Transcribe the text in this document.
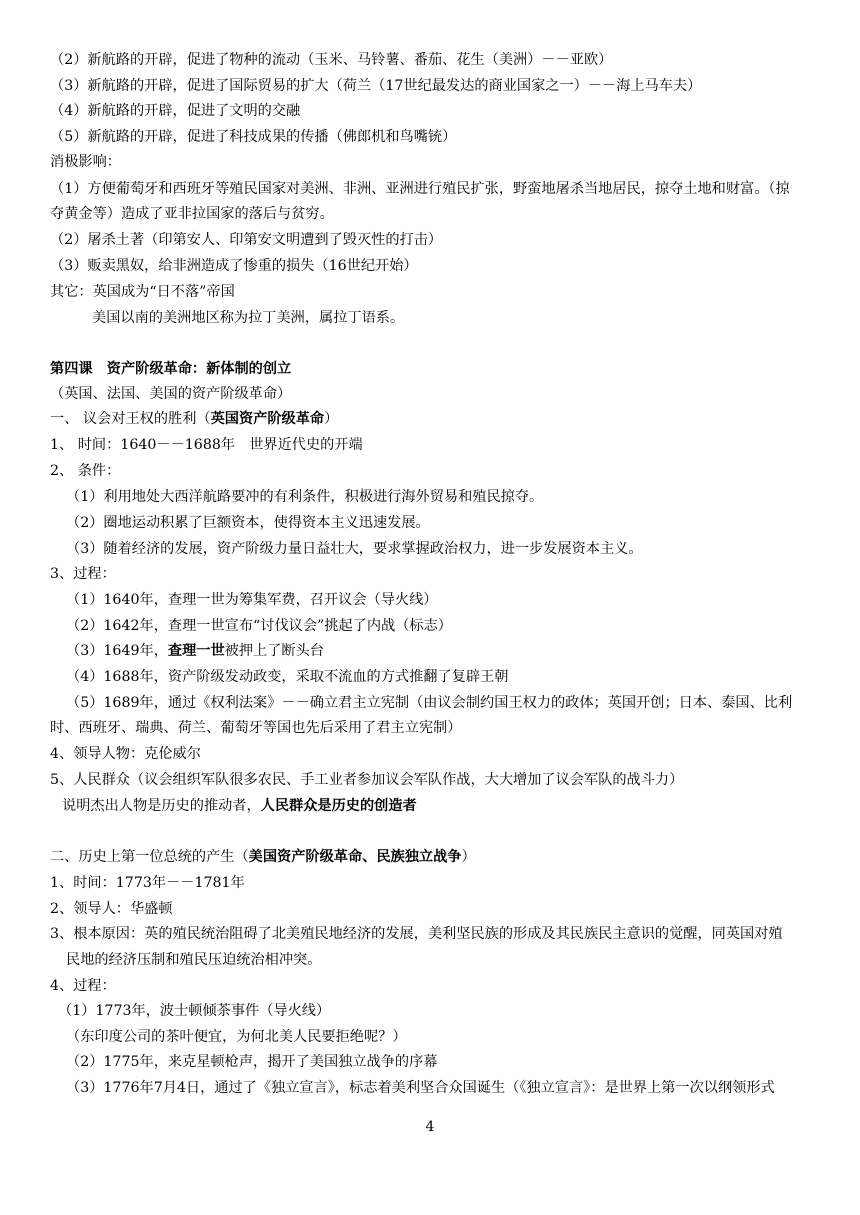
（2）新航路的开辟，促进了物种的流动（玉米、马铃薯、番茄、花生（美洲）－－亚欧）
（3）新航路的开辟，促进了国际贸易的扩大（荷兰（17世纪最发达的商业国家之一）－－海上马车夫）
（4）新航路的开辟，促进了文明的交融
（5）新航路的开辟，促进了科技成果的传播（佛郎机和鸟嘴铳）
消极影响：
（1）方便葡萄牙和西班牙等殖民国家对美洲、非洲、亚洲进行殖民扩张，野蛮地屠杀当地居民，掠夺土地和财富。（掠
夺黄金等）造成了亚非拉国家的落后与贫穷。
（2）屠杀土著（印第安人、印第安文明遭到了毁灭性的打击）
（3）贩卖黑奴，给非洲造成了惨重的损失（16世纪开始）
其它：英国成为“日不落”帝国
美国以南的美洲地区称为拉丁美洲，属拉丁语系。
第四课　资产阶级革命：新体制的创立
（英国、法国、美国的资产阶级革命）
一、 议会对王权的胜利（英国资产阶级革命）
1、 时间：1640－－1688年　世界近代史的开端
2、 条件：
（1）利用地处大西洋航路要冲的有利条件，积极进行海外贸易和殖民掠夺。
（2）圈地运动积累了巨额资本，使得资本主义迅速发展。
（3）随着经济的发展，资产阶级力量日益壮大，要求掌握政治权力，进一步发展资本主义。
3、过程：
（1）1640年，查理一世为筹集军费，召开议会（导火线）
（2）1642年，查理一世宣布“讨伐议会”挑起了内战（标志）
（3）1649年，查理一世被押上了断头台
（4）1688年，资产阶级发动政变，采取不流血的方式推翻了复辟王朝
（5）1689年，通过《权利法案》－－确立君主立宪制（由议会制约国王权力的政体；英国开创；日本、泰国、比利
时、西班牙、瑞典、荷兰、葡萄牙等国也先后采用了君主立宪制）
4、领导人物：克伦威尔
5、人民群众（议会组织军队很多农民、手工业者参加议会军队作战，大大增加了议会军队的战斗力）
说明杰出人物是历史的推动者，人民群众是历史的创造者
二、历史上第一位总统的产生（美国资产阶级革命、民族独立战争）
1、时间：1773年－－1781年
2、领导人：华盛顿
3、根本原因：英的殖民统治阻碍了北美殖民地经济的发展，美利坚民族的形成及其民族民主意识的觉醒，同英国对殖
民地的经济压制和殖民压迫统治相冲突。
4、过程：
（1）1773年，波士顿倾茶事件（导火线）
（东印度公司的茶叶便宜，为何北美人民要拒绝呢？）
（2）1775年，来克星顿枪声，揭开了美国独立战争的序幕
（3）1776年7月4日，通过了《独立宣言》，标志着美利坚合众国诞生（《独立宣言》：是世界上第一次以纲领形式
4
